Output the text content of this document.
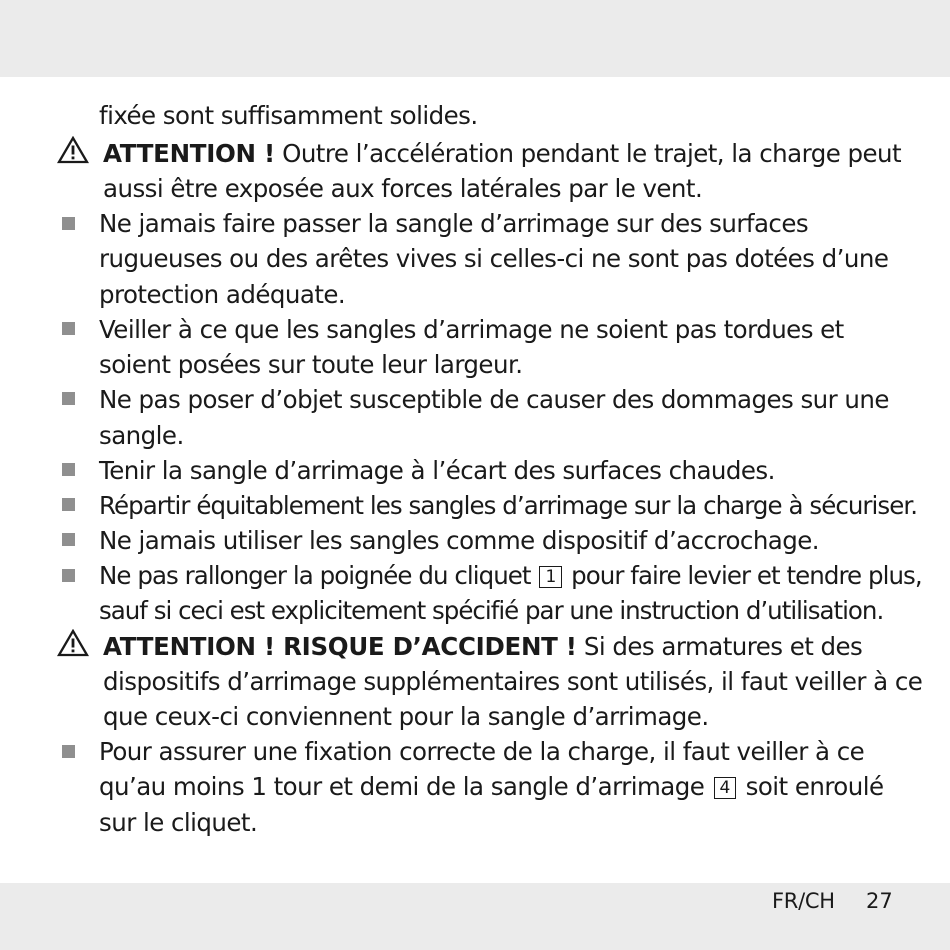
fixée sont suffisamment solides.
ATTENTION ! Outre l’accélération pendant le trajet, la charge peut
aussi être exposée aux forces latérales par le vent.
Ne jamais faire passer la sangle d’arrimage sur des surfaces
rugueuses ou des arêtes vives si celles-ci ne sont pas dotées d’une
protection adéquate.
Veiller à ce que les sangles d’arrimage ne soient pas tordues et
soient posées sur toute leur largeur.
Ne pas poser d’objet susceptible de causer des dommages sur une
sangle.
Tenir la sangle d’arrimage à l’écart des surfaces chaudes.
Répartir équitablement les sangles d’arrimage sur la charge à sécuriser.
Ne jamais utiliser les sangles comme dispositif d’accrochage.
Ne pas rallonger la poignée du cliquet 1 pour faire levier et tendre plus,
sauf si ceci est explicitement spécifié par une instruction d’utilisation.
ATTENTION ! RISQUE D’ACCIDENT ! Si des armatures et des
dispositifs d’arrimage supplémentaires sont utilisés, il faut veiller à ce
que ceux-ci conviennent pour la sangle d’arrimage.
Pour assurer une fixation correcte de la charge, il faut veiller à ce
qu’au moins 1 tour et demi de la sangle d’arrimage 4 soit enroulé
sur le cliquet.
FR/CH 27
